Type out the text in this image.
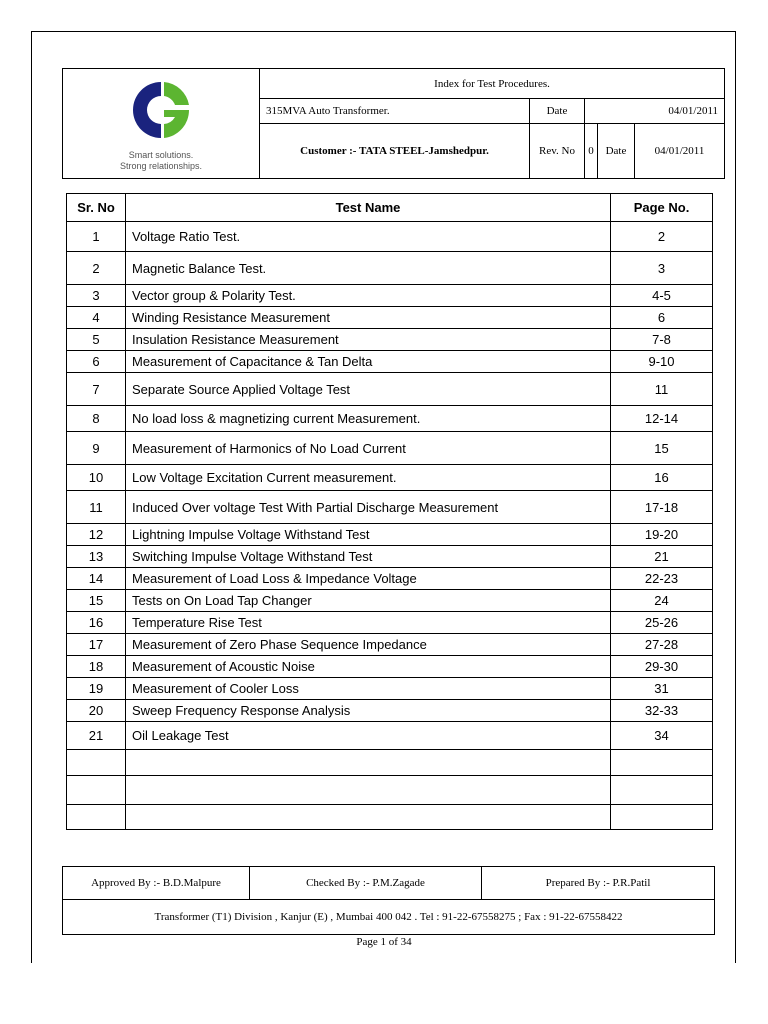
Smart solutions.
Strong relationships.	Index for Test Procedures.				
	315MVA Auto Transformer.	Date	04/01/2011		
	Customer :- TATA STEEL-Jamshedpur.	Rev. No	0	Date	04/01/2011
Sr. No	Test Name	Page No.
1	Voltage Ratio Test.	2
2	Magnetic Balance Test.	3
3	Vector group & Polarity Test.	4-5
4	Winding Resistance Measurement	6
5	Insulation Resistance Measurement	7-8
6	Measurement of Capacitance & Tan Delta	9-10
7	Separate Source Applied Voltage Test	11
8	No load loss & magnetizing current Measurement.	12-14
9	Measurement of Harmonics of No Load Current	15
10	Low Voltage Excitation Current measurement.	16
11	Induced Over voltage Test With Partial Discharge Measurement	17-18
12	Lightning Impulse Voltage Withstand Test	19-20
13	Switching Impulse Voltage Withstand Test	21
14	Measurement of Load Loss & Impedance Voltage	22-23
15	Tests on On Load Tap Changer	24
16	Temperature Rise Test	25-26
17	Measurement of Zero Phase Sequence Impedance	27-28
18	Measurement of Acoustic Noise	29-30
19	Measurement of Cooler Loss	31
20	Sweep Frequency Response Analysis	32-33
21	Oil Leakage Test	34

Approved By :- B.D.Malpure	Checked By :- P.M.Zagade	Prepared By :- P.R.Patil
Transformer (T1) Division , Kanjur (E) , Mumbai 400 042 . Tel : 91-22-67558275 ; Fax : 91-22-67558422
Page 1 of 34
